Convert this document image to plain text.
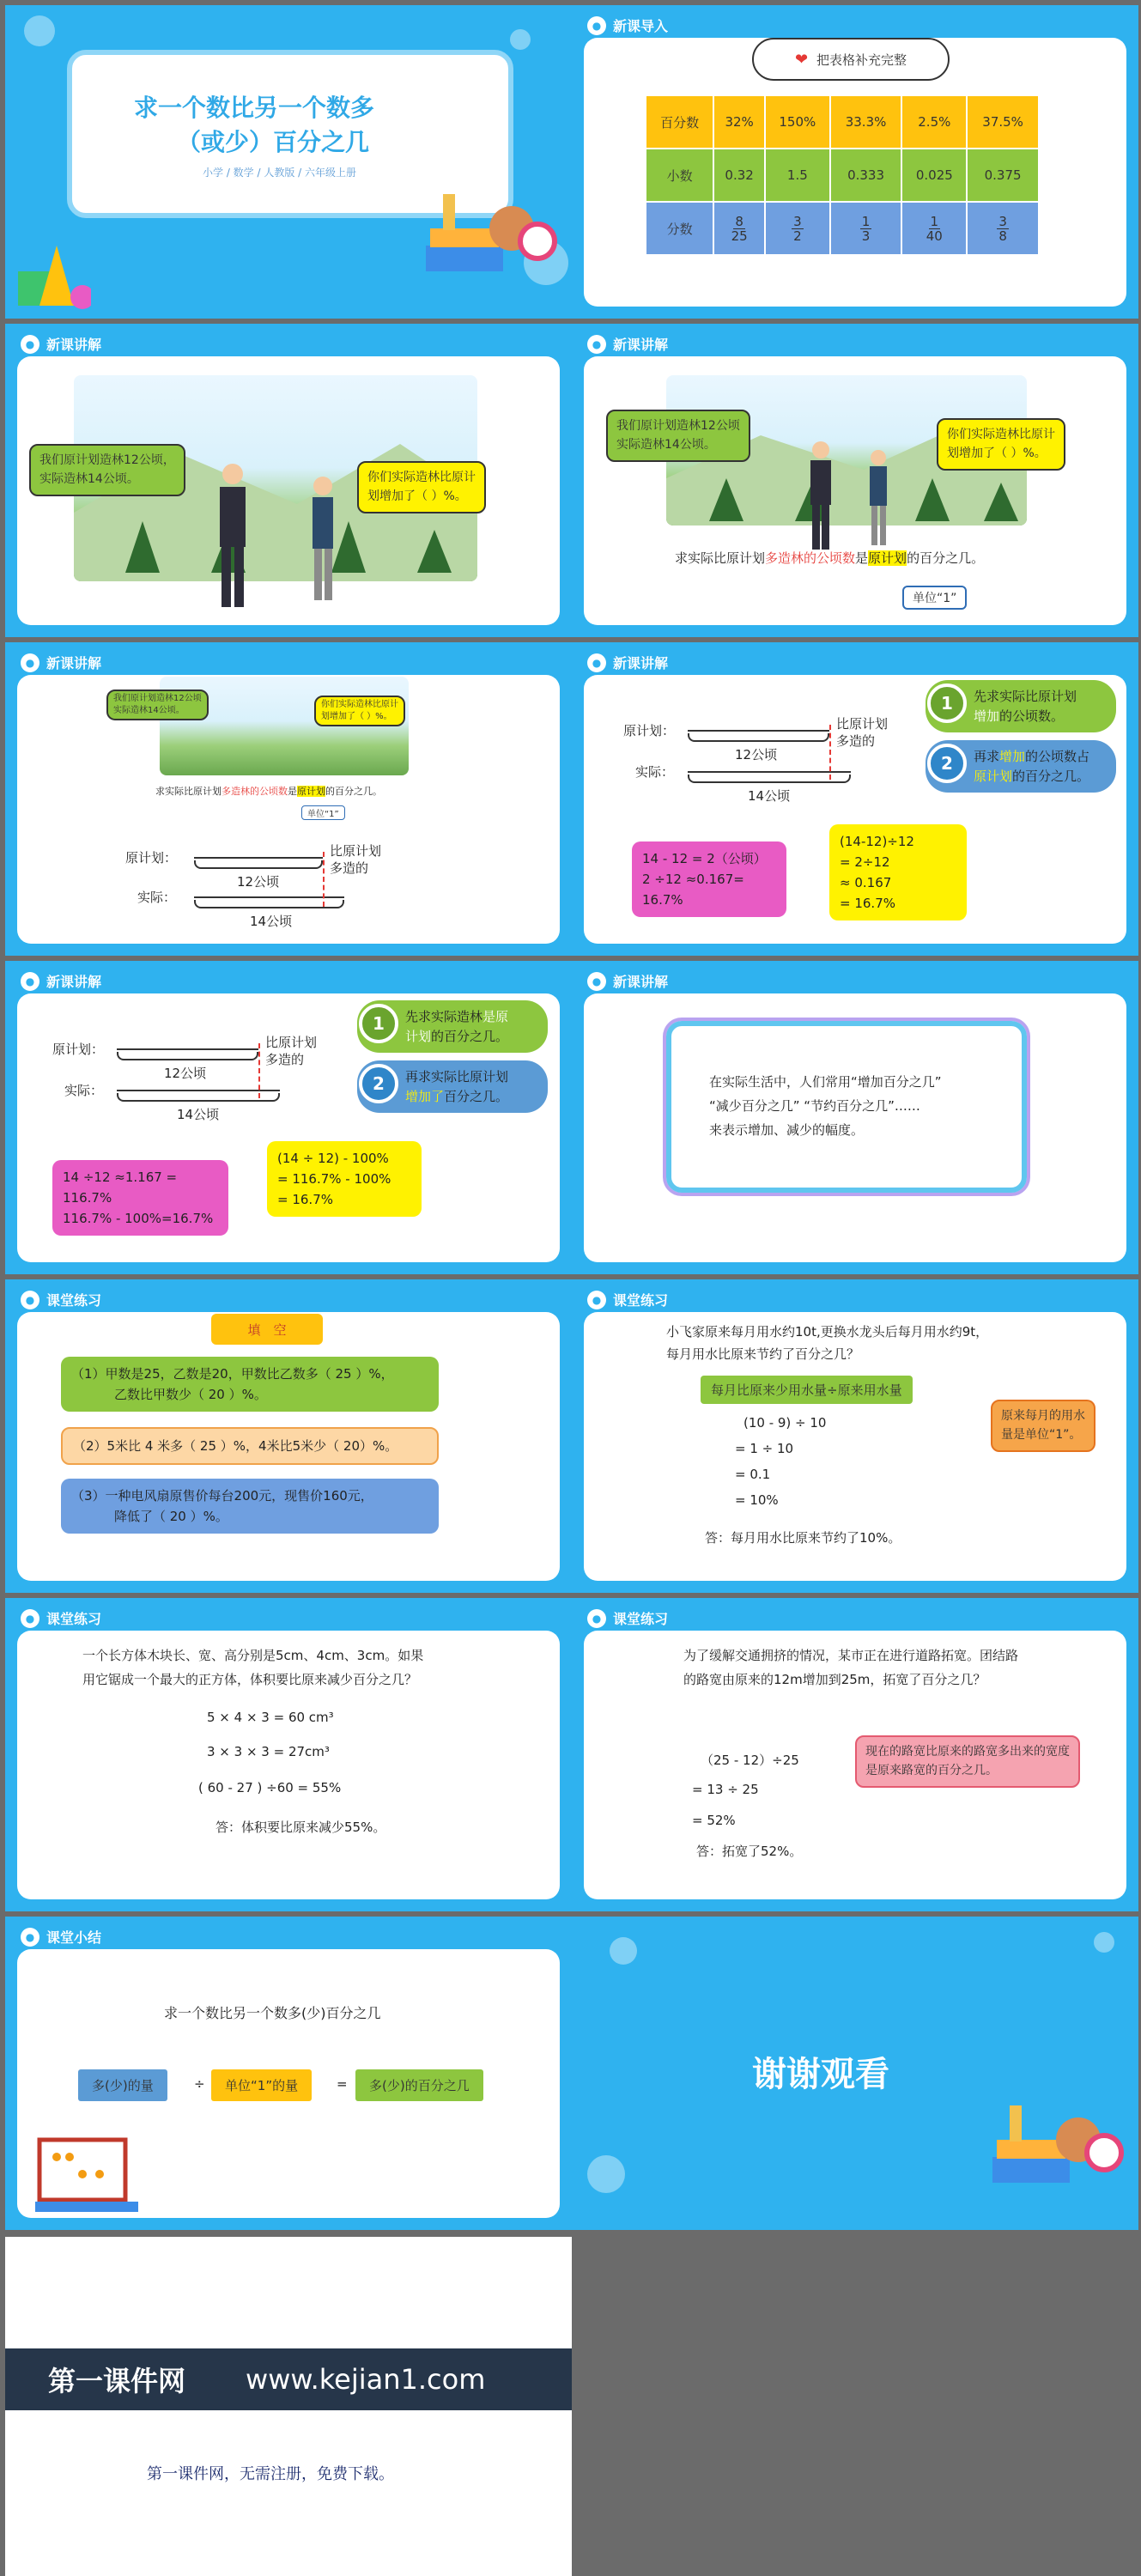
求一个数比另一个数多
（或少）百分之几
小学 / 数学 / 人教版 / 六年级上册
● 新课导入
❤ 把表格补充完整
百分数	32%	150%	33.3%	2.5%	37.5%
小数	0.32	1.5	0.333	0.025	0.375
分数	$\frac{8}{25}$	$\frac{3}{2}$	$\frac{1}{3}$	$\frac{1}{40}$	$\frac{3}{8}$
● 新课讲解
我们原计划造林12公顷，
实际造林14公顷。	你们实际造林比原计
划增加了（ ）%。
● 新课讲解
我们原计划造林12公顷
实际造林14公顷。
你们实际造林比原计
划增加了（ ）%。
求实际比原计划多造林的公顷数是原计划的百分之几。
单位“1”
● 新课讲解
我们原计划造林12公顷
实际造林14公顷。
你们实际造林比原计
划增加了（ ）%。
求实际比原计划多造林的公顷数是原计划的百分之几。
单位“1”
原计划：
12公顷
实际：
14公顷
比原计划
多造的
● 新课讲解
原计划：
12公顷
实际：
14公顷
比原计划
多造的
先求实际比原计划
增加的公顷数。
1
再求增加的公顷数占
原计划的百分之几。
2
14 - 12 = 2（公顷）
2 ÷12 ≈0.167= 16.7%
(14-12)÷12
= 2÷12
≈ 0.167
= 16.7%
● 新课讲解
原计划：
12公顷
实际：
14公顷
比原计划
多造的
先求实际造林是原
计划的百分之几。
1
再求实际比原计划
增加了百分之几。
2
14 ÷12 ≈1.167 = 116.7%
116.7% - 100%=16.7%
(14 ÷ 12) - 100%
= 116.7% - 100%
= 16.7%
● 新课讲解
在实际生活中，人们常用“增加百分之几”
“减少百分之几” “节约百分之几”……
来表示增加、减少的幅度。
● 课堂练习
填　空
（1）甲数是25，乙数是20，甲数比乙数多（ 25 ）%，
乙数比甲数少（ 20 ）%。
（2）5米比 4 米多（ 25 ）%，4米比5米少（ 20）%。
（3）一种电风扇原售价每台200元，现售价160元，
降低了（ 20 ）%。
● 课堂练习
小飞家原来每月用水约10t,更换水龙头后每月用水约9t，
每月用水比原来节约了百分之几？
每月比原来少用水量÷原来用水量
原来每月的用水
量是单位“1”。
(10 - 9) ÷ 10
= 1 ÷ 10
= 0.1
= 10%
答：每月用水比原来节约了10%。
● 课堂练习
一个长方体木块长、宽、高分别是5cm、4cm、3cm。如果
用它锯成一个最大的正方体，体积要比原来减少百分之几？
5 × 4 × 3 = 60 cm³
3 × 3 × 3 = 27cm³
( 60 - 27 ) ÷60 = 55%
答：体积要比原来减少55%。
● 课堂练习
为了缓解交通拥挤的情况，某市正在进行道路拓宽。团结路
的路宽由原来的12m增加到25m，拓宽了百分之几？
现在的路宽比原来的路宽多出来的宽度
是原来路宽的百分之几。
（25 - 12）÷25
= 13 ÷ 25
= 52%
答：拓宽了52%。
● 课堂小结
求一个数比另一个数多(少)百分之几
多(少)的量	÷	单位“1”的量	=	多(少)的百分之几	谢谢观看
第一课件网 www.kejian1.com
第一课件网，无需注册，免费下载。
